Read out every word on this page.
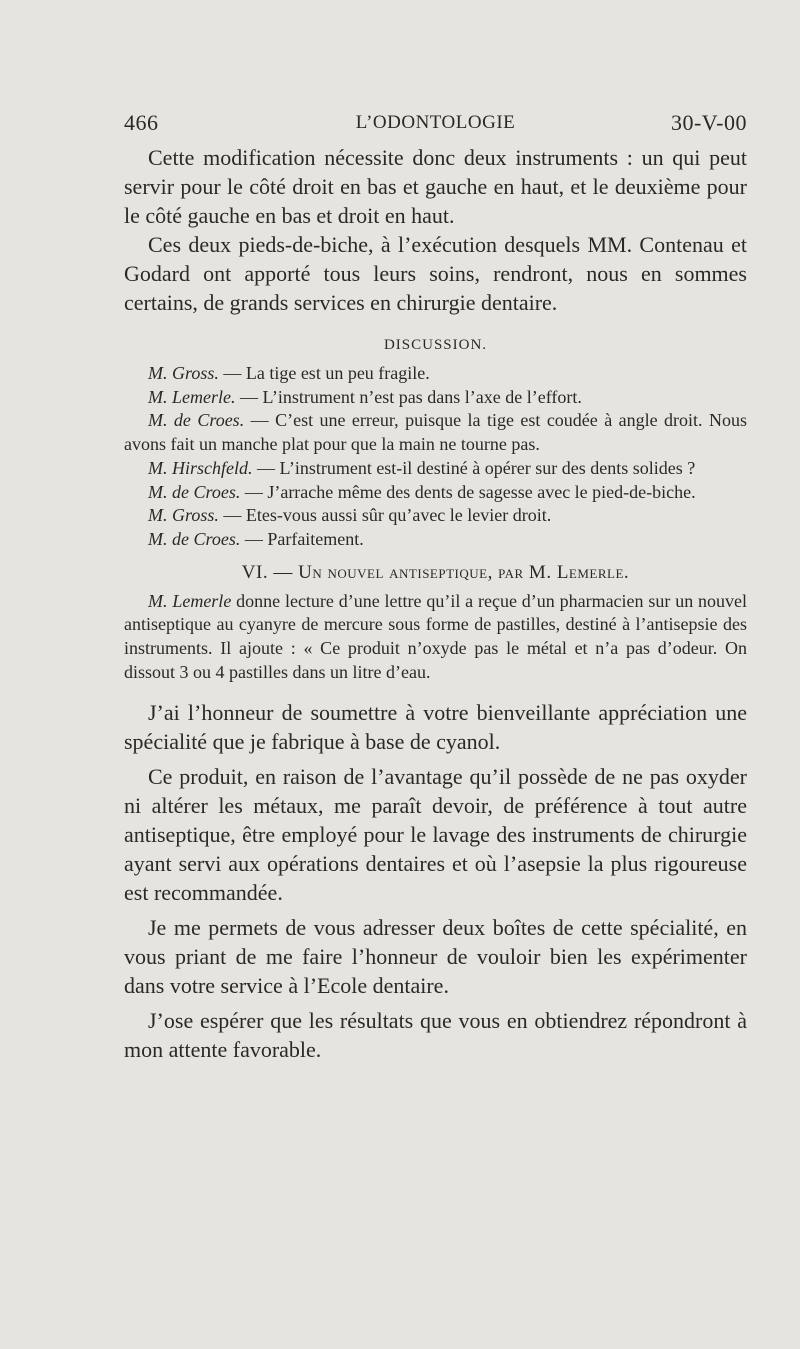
466	L’ODONTOLOGIE	30-V-00

Cette modification nécessite donc deux instruments : un qui peut servir pour le côté droit en bas et gauche en haut, et le deuxième pour le côté gauche en bas et droit en haut.

Ces deux pieds-de-biche, à l’exécution desquels MM. Contenau et Godard ont apporté tous leurs soins, rendront, nous en sommes certains, de grands services en chirurgie dentaire.

DISCUSSION.

M. Gross. — La tige est un peu fragile.

M. Lemerle. — L’instrument n’est pas dans l’axe de l’effort.

M. de Croes. — C’est une erreur, puisque la tige est coudée à angle droit. Nous avons fait un manche plat pour que la main ne tourne pas.

M. Hirschfeld. — L’instrument est-il destiné à opérer sur des dents solides ?

M. de Croes. — J’arrache même des dents de sagesse avec le pied-de-biche.

M. Gross. — Etes-vous aussi sûr qu’avec le levier droit.

M. de Croes. — Parfaitement.

VI. — Un nouvel antiseptique, par M. Lemerle.

M. Lemerle donne lecture d’une lettre qu’il a reçue d’un pharmacien sur un nouvel antiseptique au cyanyre de mercure sous forme de pastilles, destiné à l’antisepsie des instruments. Il ajoute : « Ce produit n’oxyde pas le métal et n’a pas d’odeur. On dissout 3 ou 4 pastilles dans un litre d’eau.

J’ai l’honneur de soumettre à votre bienveillante appréciation une spécialité que je fabrique à base de cyanol.

Ce produit, en raison de l’avantage qu’il possède de ne pas oxyder ni altérer les métaux, me paraît devoir, de préférence à tout autre antiseptique, être employé pour le lavage des instruments de chirurgie ayant servi aux opérations dentaires et où l’asepsie la plus rigoureuse est recommandée.

Je me permets de vous adresser deux boîtes de cette spécialité, en vous priant de me faire l’honneur de vouloir bien les expérimenter dans votre service à l’Ecole dentaire.

J’ose espérer que les résultats que vous en obtiendrez répondront à mon attente favorable.
